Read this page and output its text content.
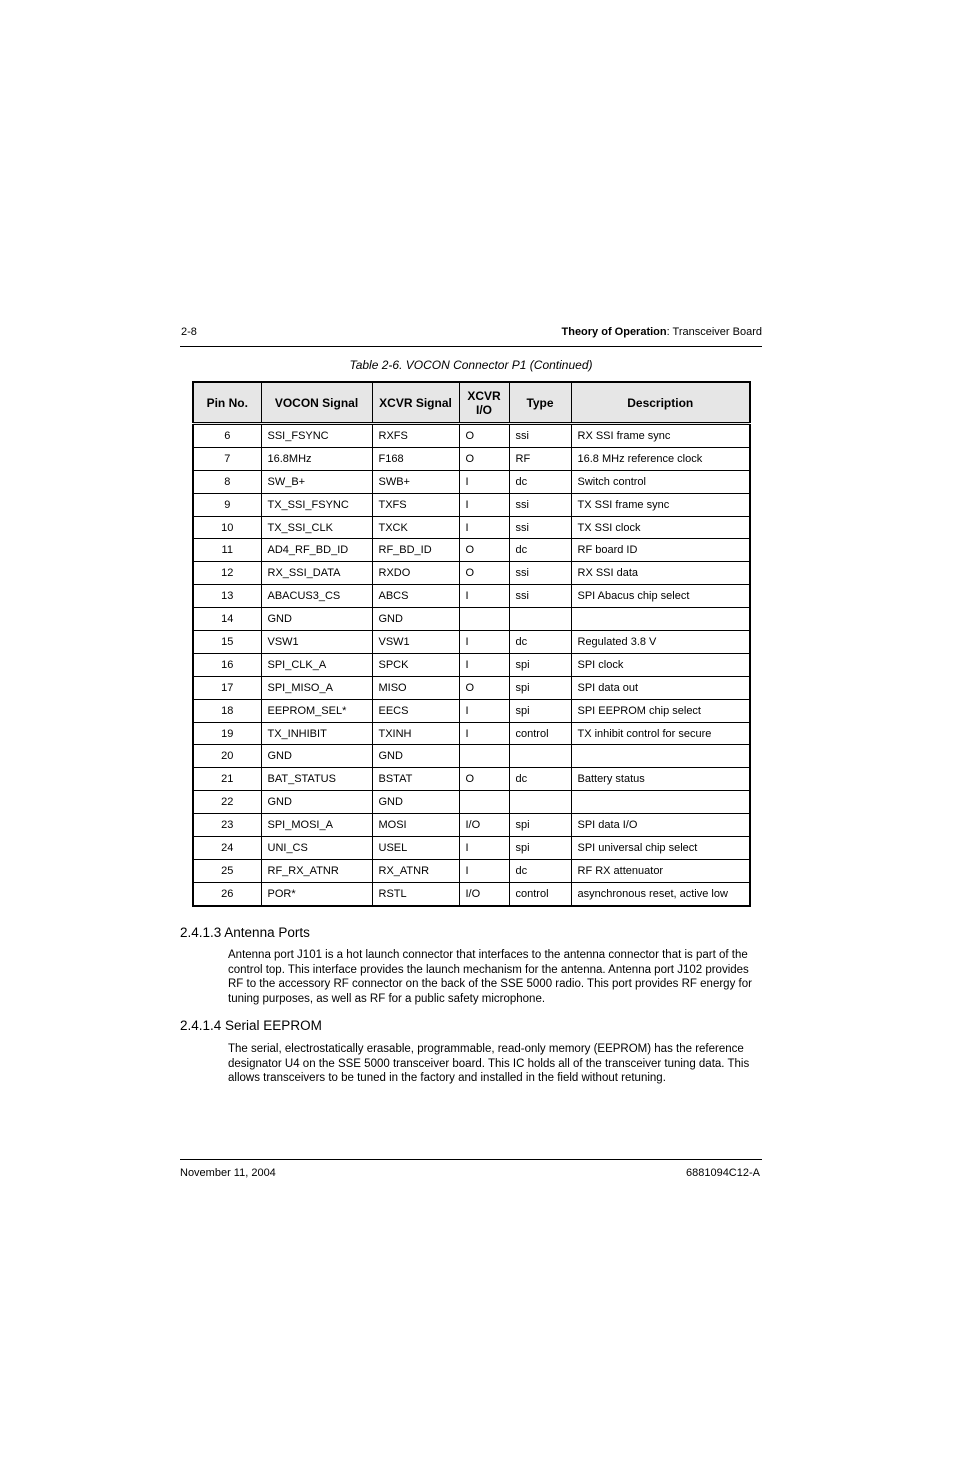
2-8	Theory of Operation: Transceiver Board
Table 2-6. VOCON Connector P1 (Continued)
Pin No.	VOCON Signal	XCVR Signal	XCVR I/O	Type	Description
6	SSI_FSYNC	RXFS	O	ssi	RX SSI frame sync
7	16.8MHz	F168	O	RF	16.8 MHz reference clock
8	SW_B+	SWB+	I	dc	Switch control
9	TX_SSI_FSYNC	TXFS	I	ssi	TX SSI frame sync
10	TX_SSI_CLK	TXCK	I	ssi	TX SSI clock
11	AD4_RF_BD_ID	RF_BD_ID	O	dc	RF board ID
12	RX_SSI_DATA	RXDO	O	ssi	RX SSI data
13	ABACUS3_CS	ABCS	I	ssi	SPI Abacus chip select
14	GND	GND			
15	VSW1	VSW1	I	dc	Regulated 3.8 V
16	SPI_CLK_A	SPCK	I	spi	SPI clock
17	SPI_MISO_A	MISO	O	spi	SPI data out
18	EEPROM_SEL*	EECS	I	spi	SPI EEPROM chip select
19	TX_INHIBIT	TXINH	I	control	TX inhibit control for secure
20	GND	GND			
21	BAT_STATUS	BSTAT	O	dc	Battery status
22	GND	GND			
23	SPI_MOSI_A	MOSI	I/O	spi	SPI data I/O
24	UNI_CS	USEL	I	spi	SPI universal chip select
25	RF_RX_ATNR	RX_ATNR	I	dc	RF RX attenuator
26	POR*	RSTL	I/O	control	asynchronous reset, active low
2.4.1.3 Antenna Ports

Antenna port J101 is a hot launch connector that interfaces to the antenna connector that is part of the control top. This interface provides the launch mechanism for the antenna. Antenna port J102 provides RF to the accessory RF connector on the back of the SSE 5000 radio. This port provides RF energy for tuning purposes, as well as RF for a public safety microphone.

2.4.1.4 Serial EEPROM

The serial, electrostatically erasable, programmable, read-only memory (EEPROM) has the reference designator U4 on the SSE 5000 transceiver board. This IC holds all of the transceiver tuning data. This allows transceivers to be tuned in the factory and installed in the field without retuning.

November 11, 2004	6881094C12-A
